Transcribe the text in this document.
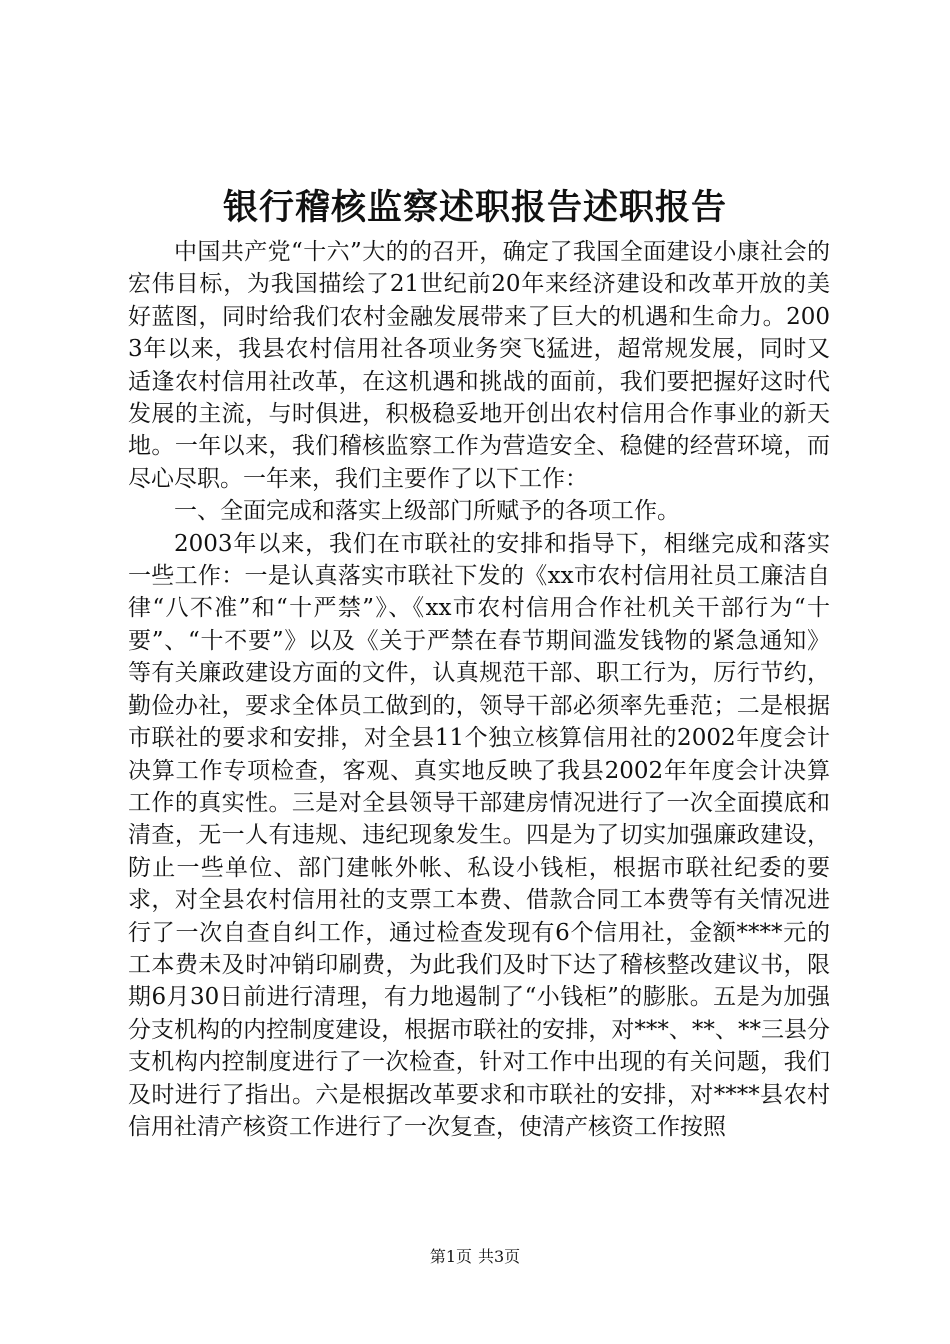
银行稽核监察述职报告述职报告

中国共产党“十六”大的的召开，确定了我国全面建设小康社会的宏伟目标，为我国描绘了21世纪前20年来经济建设和改革开放的美好蓝图，同时给我们农村金融发展带来了巨大的机遇和生命力。2003年以来，我县农村信用社各项业务突飞猛进，超常规发展，同时又适逢农村信用社改革，在这机遇和挑战的面前，我们要把握好这时代发展的主流，与时俱进，积极稳妥地开创出农村信用合作事业的新天地。一年以来，我们稽核监察工作为营造安全、稳健的经营环境，而尽心尽职。一年来，我们主要作了以下工作：

一、全面完成和落实上级部门所赋予的各项工作。

2003年以来，我们在市联社的安排和指导下，相继完成和落实一些工作：一是认真落实市联社下发的《xx市农村信用社员工廉洁自律“八不准”和“十严禁”》、《xx市农村信用合作社机关干部行为“十要”、“十不要”》以及《关于严禁在春节期间滥发钱物的紧急通知》等有关廉政建设方面的文件，认真规范干部、职工行为，厉行节约，勤俭办社，要求全体员工做到的，领导干部必须率先垂范；二是根据市联社的要求和安排，对全县11个独立核算信用社的2002年度会计决算工作专项检查，客观、真实地反映了我县2002年年度会计决算工作的真实性。三是对全县领导干部建房情况进行了一次全面摸底和清查，无一人有违规、违纪现象发生。四是为了切实加强廉政建设，防止一些单位、部门建帐外帐、私设小钱柜，根据市联社纪委的要求，对全县农村信用社的支票工本费、借款合同工本费等有关情况进行了一次自查自纠工作，通过检查发现有6个信用社，金额****元的工本费未及时冲销印刷费，为此我们及时下达了稽核整改建议书，限期6月30日前进行清理，有力地遏制了“小钱柜”的膨胀。五是为加强分支机构的内控制度建设，根据市联社的安排，对***、**、**三县分支机构内控制度进行了一次检查，针对工作中出现的有关问题，我们及时进行了指出。六是根据改革要求和市联社的安排，对****县农村信用社清产核资工作进行了一次复查，使清产核资工作按照

第1页 共3页
